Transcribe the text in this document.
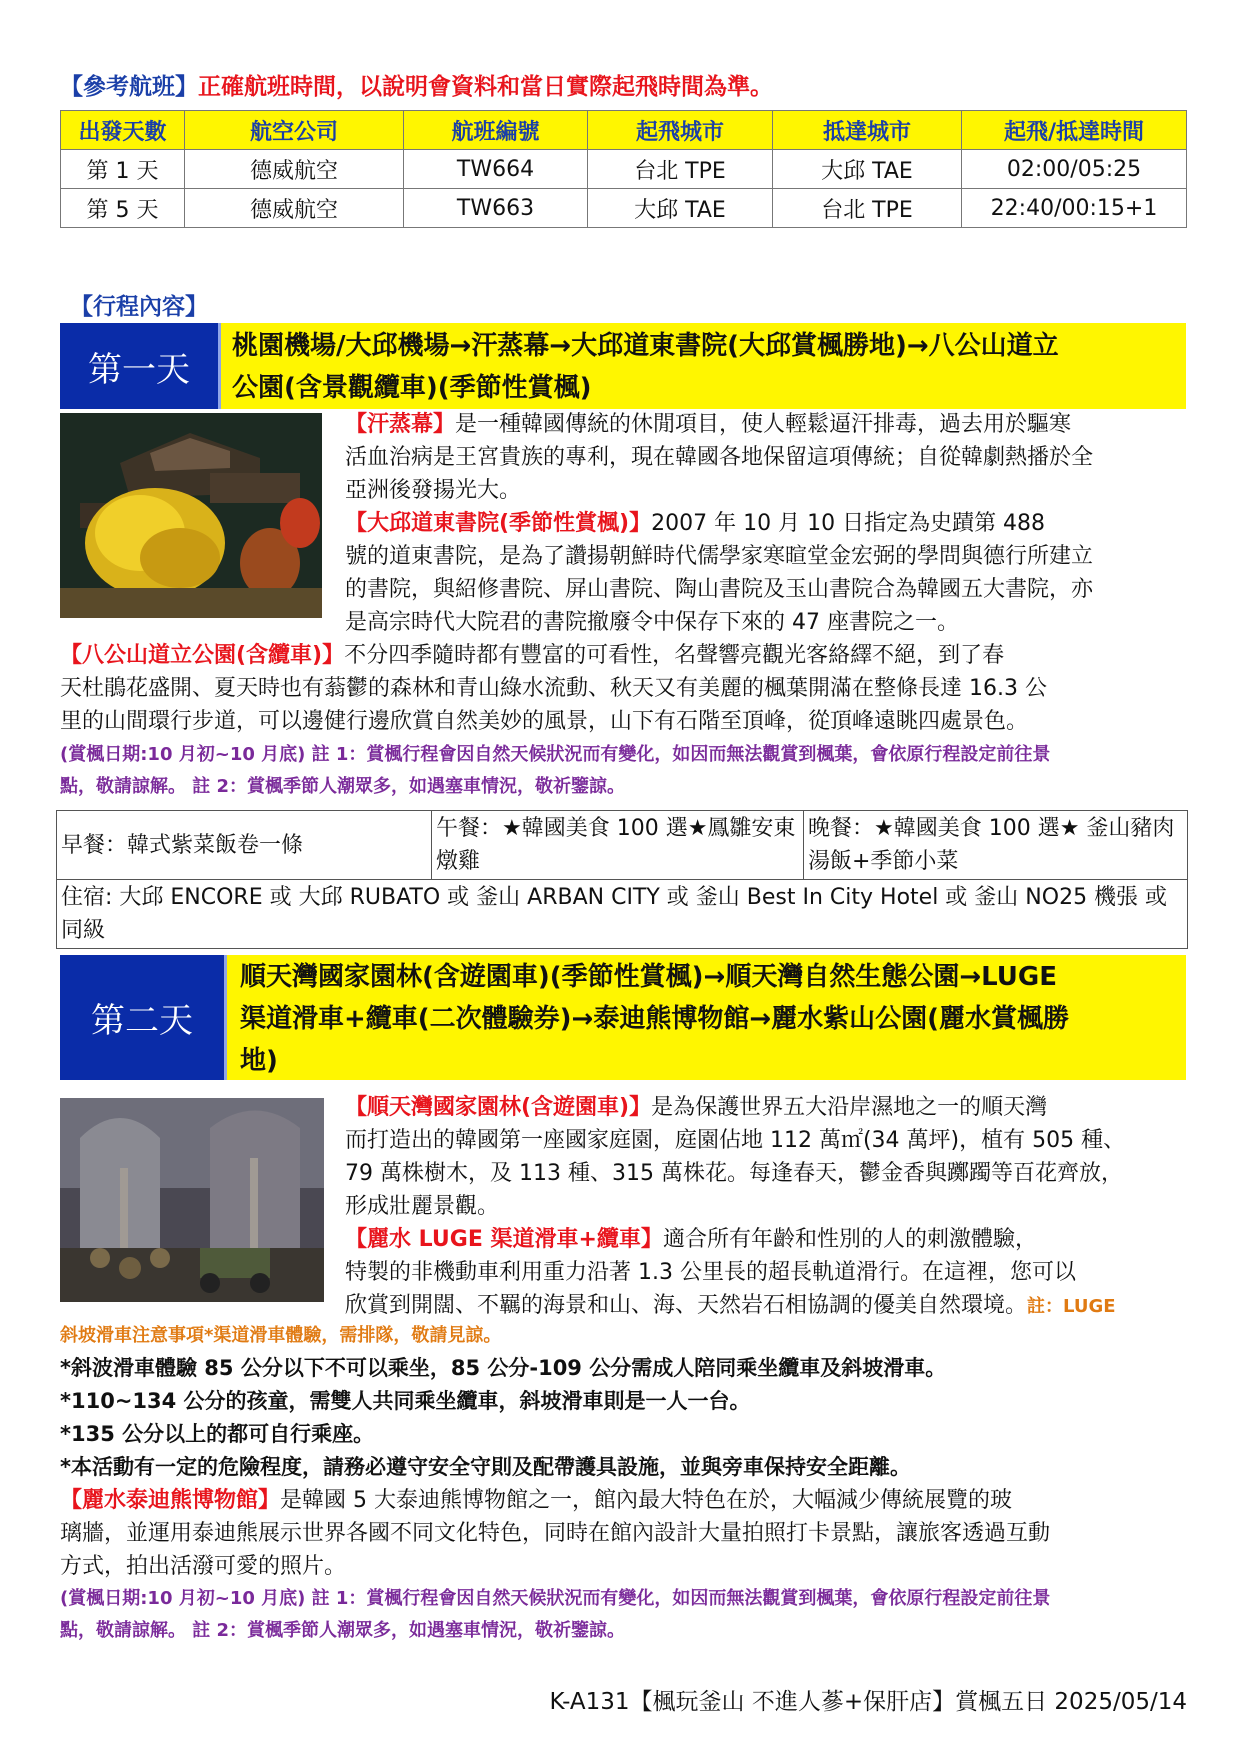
【參考航班】正確航班時間，以說明會資料和當日實際起飛時間為準。
出發天數	航空公司	航班編號	起飛城市	抵達城市	起飛/抵達時間
第 1 天	德威航空	TW664	台北 TPE	大邱 TAE	02:00/05:25
第 5 天	德威航空	TW663	大邱 TAE	台北 TPE	22:40/00:15+1
【行程內容】
第一天
桃園機場/大邱機場→汗蒸幕→大邱道東書院(大邱賞楓勝地)→八公山道立
公園(含景觀纜車)(季節性賞楓)
【汗蒸幕】是一種韓國傳統的休閒項目，使人輕鬆逼汗排毒，過去用於驅寒
活血治病是王宮貴族的專利，現在韓國各地保留這項傳統；自從韓劇熱播於全
亞洲後發揚光大。
【大邱道東書院(季節性賞楓)】2007 年 10 月 10 日指定為史蹟第 488
號的道東書院，是為了讚揚朝鮮時代儒學家寒暄堂金宏弼的學問與德行所建立
的書院，與紹修書院、屏山書院、陶山書院及玉山書院合為韓國五大書院，亦
是高宗時代大院君的書院撤廢令中保存下來的 47 座書院之一。
【八公山道立公園(含纜車)】不分四季隨時都有豐富的可看性，名聲響亮觀光客絡繹不絕，到了春
天杜鵑花盛開、夏天時也有蓊鬱的森林和青山綠水流動、秋天又有美麗的楓葉開滿在整條長達 16.3 公
里的山間環行步道，可以邊健行邊欣賞自然美妙的風景，山下有石階至頂峰，從頂峰遠眺四處景色。
(賞楓日期:10 月初~10 月底) 註 1：賞楓行程會因自然天候狀況而有變化，如因而無法觀賞到楓葉，會依原行程設定前往景
點，敬請諒解。 註 2：賞楓季節人潮眾多，如遇塞車情況，敬祈鑒諒。
早餐：韓式紫菜飯卷一條	午餐：★韓國美食 100 選★鳳雛安東燉雞	晚餐：★韓國美食 100 選★ 釜山豬肉湯飯+季節小菜
住宿: 大邱 ENCORE 或 大邱 RUBATO 或 釜山 ARBAN CITY 或 釜山 Best In City Hotel 或 釜山 NO25 機張 或同級
第二天
順天灣國家園林(含遊園車)(季節性賞楓)→順天灣自然生態公園→LUGE
渠道滑車+纜車(二次體驗券)→泰迪熊博物館→麗水紫山公園(麗水賞楓勝
地)
【順天灣國家園林(含遊園車)】是為保護世界五大沿岸濕地之一的順天灣
而打造出的韓國第一座國家庭園，庭園佔地 112 萬㎡(34 萬坪)，植有 505 種、
79 萬株樹木，及 113 種、315 萬株花。每逢春天，鬱金香與躑躅等百花齊放，
形成壯麗景觀。
【麗水 LUGE 渠道滑車+纜車】適合所有年齡和性別的人的刺激體驗，
特製的非機動車利用重力沿著 1.3 公里長的超長軌道滑行。在這裡，您可以
欣賞到開闊、不羈的海景和山、海、天然岩石相協調的優美自然環境。註：LUGE
斜坡滑車注意事項*渠道滑車體驗，需排隊，敬請見諒。
*斜波滑車體驗 85 公分以下不可以乘坐，85 公分-109 公分需成人陪同乘坐纜車及斜坡滑車。
*110~134 公分的孩童，需雙人共同乘坐纜車，斜坡滑車則是一人一台。
*135 公分以上的都可自行乘座。
*本活動有一定的危險程度，請務必遵守安全守則及配帶護具設施，並與旁車保持安全距離。
【麗水泰迪熊博物館】是韓國 5 大泰迪熊博物館之一，館內最大特色在於，大幅減少傳統展覽的玻
璃牆，並運用泰迪熊展示世界各國不同文化特色，同時在館內設計大量拍照打卡景點，讓旅客透過互動
方式，拍出活潑可愛的照片。
(賞楓日期:10 月初~10 月底) 註 1：賞楓行程會因自然天候狀況而有變化，如因而無法觀賞到楓葉，會依原行程設定前往景
點，敬請諒解。 註 2：賞楓季節人潮眾多，如遇塞車情況，敬祈鑒諒。
K-A131【楓玩釜山 不進人蔘+保肝店】賞楓五日 2025/05/14
